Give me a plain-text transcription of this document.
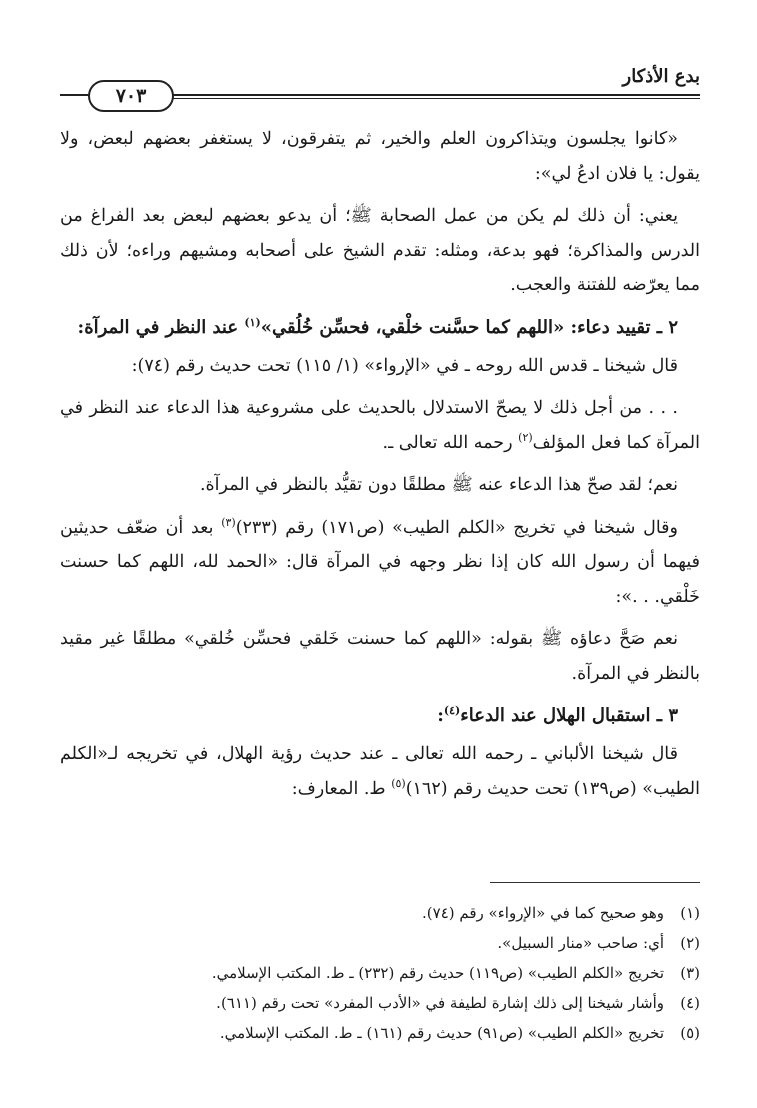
بدع الأذكار
٧٠٣

«كانوا يجلسون ويتذاكرون العلم والخير، ثم يتفرقون، لا يستغفر بعضهم لبعض، ولا يقول: يا فلان ادعُ لي»:

يعني: أن ذلك لم يكن من عمل الصحابة ﷺ؛ أن يدعو بعضهم لبعض بعد الفراغ من الدرس والمذاكرة؛ فهو بدعة، ومثله: تقدم الشيخ على أصحابه ومشيهم وراءه؛ لأن ذلك مما يعرّضه للفتنة والعجب.

٢ ـ تقييد دعاء: «اللهم كما حسَّنت خلْقي، فحسِّن خُلُقي»$^{(١)}$ عند النظر في المرآة:

قال شيخنا ـ قدس الله روحه ـ في «الإرواء» (١/ ١١٥) تحت حديث رقم (٧٤):

. . . من أجل ذلك لا يصحّ الاستدلال بالحديث على مشروعية هذا الدعاء عند النظر في المرآة كما فعل المؤلف$^{(٢)}$ رحمه الله تعالى ـ.

نعم؛ لقد صحّ هذا الدعاء عنه ﷺ مطلقًا دون تقيُّد بالنظر في المرآة.

وقال شيخنا في تخريج «الكلم الطيب» (ص١٧١) رقم (٢٣٣)$^{(٣)}$ بعد أن ضعّف حديثين فيهما أن رسول الله كان إذا نظر وجهه في المرآة قال: «الحمد لله، اللهم كما حسنت خَلْقي. . .»:

نعم صَحَّ دعاؤه ﷺ بقوله: «اللهم كما حسنت خَلقي فحسِّن خُلقي» مطلقًا غير مقيد بالنظر في المرآة.

٣ ـ استقبال الهلال عند الدعاء$^{(٤)}$:

قال شيخنا الألباني ـ رحمه الله تعالى ـ عند حديث رؤية الهلال، في تخريجه لـ«الكلم الطيب» (ص١٣٩) تحت حديث رقم (١٦٢)$^{(٥)}$ ط. المعارف:

(١)
وهو صحيح كما في «الإرواء» رقم (٧٤).
(٢)
أي: صاحب «منار السبيل».
(٣)
تخريج «الكلم الطيب» (ص١١٩) حديث رقم (٢٣٢) ـ ط. المكتب الإسلامي.
(٤)
وأشار شيخنا إلى ذلك إشارة لطيفة في «الأدب المفرد» تحت رقم (٦١١).
(٥)
تخريج «الكلم الطيب» (ص٩١) حديث رقم (١٦١) ـ ط. المكتب الإسلامي.
